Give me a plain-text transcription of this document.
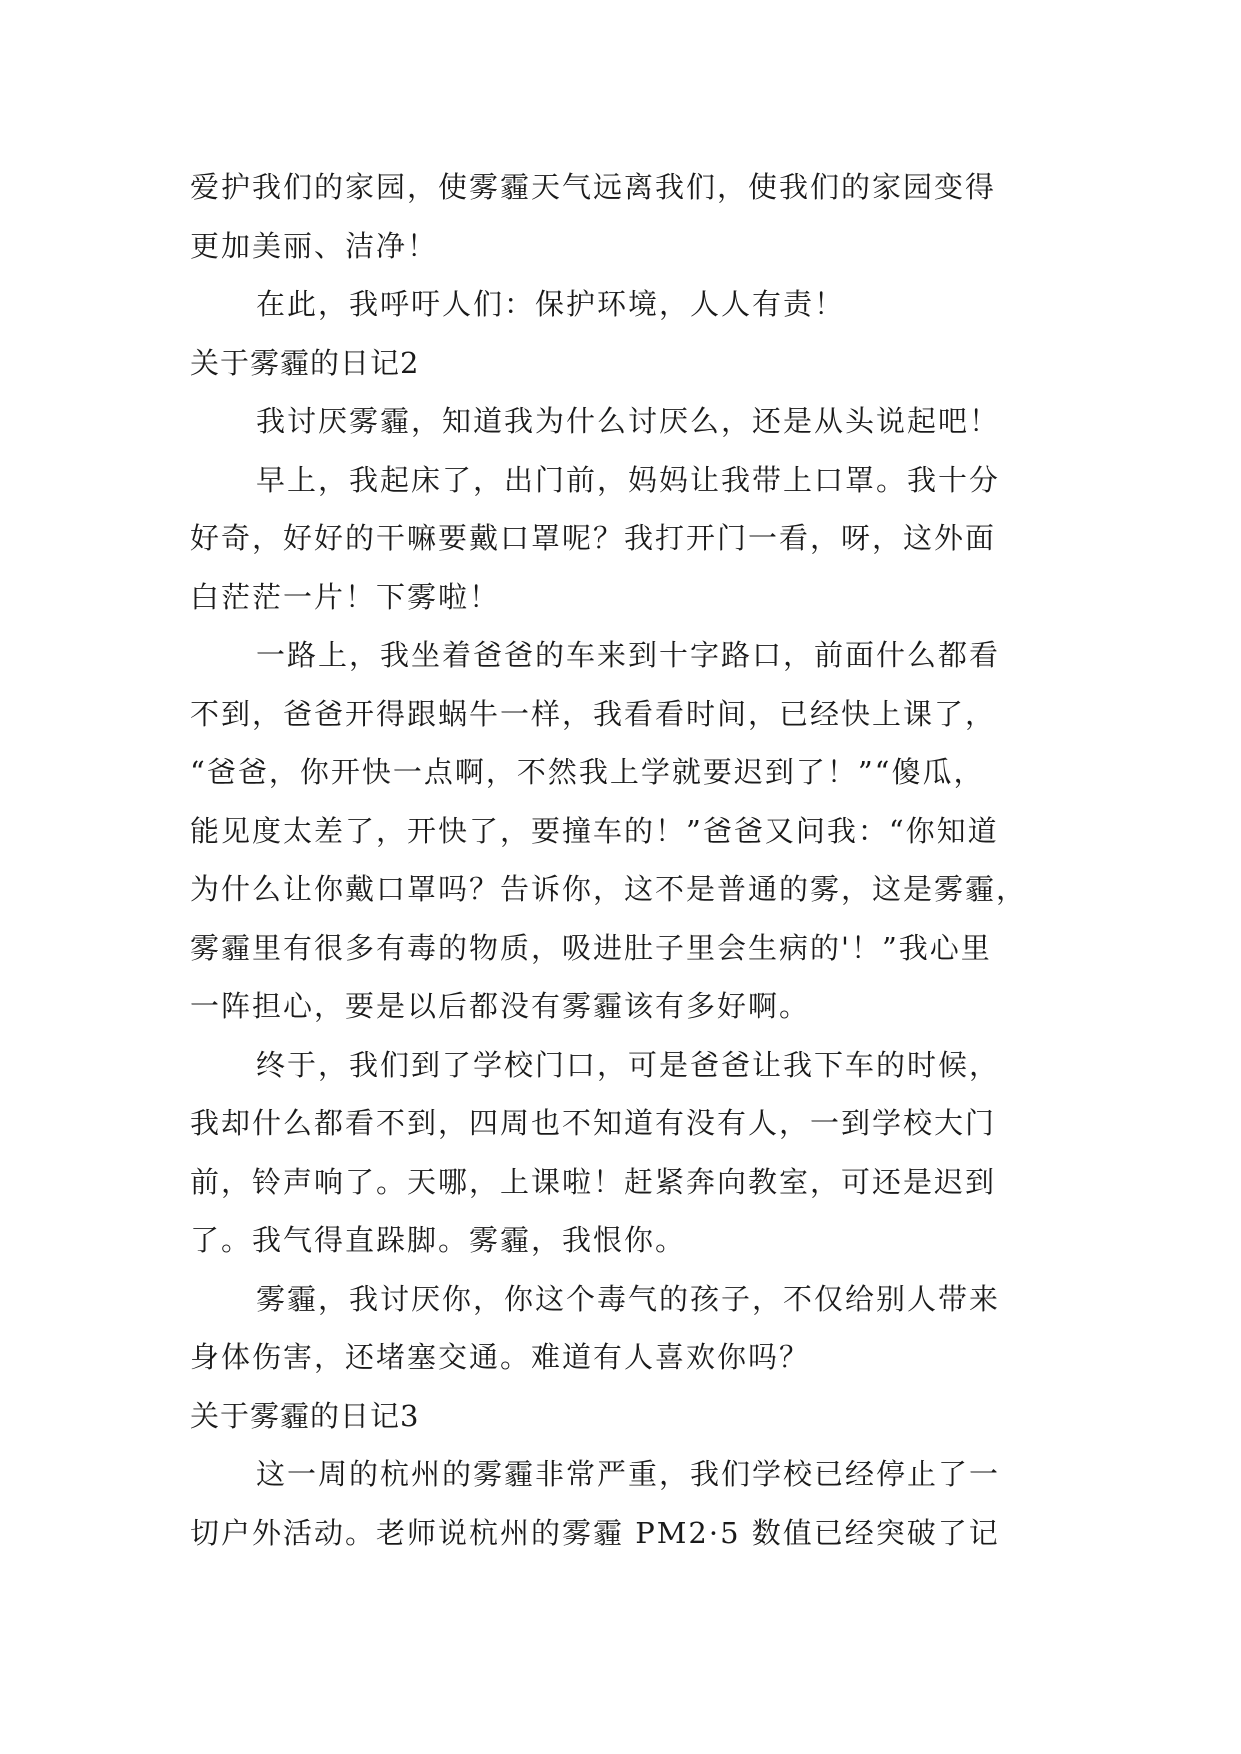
爱护我们的家园，使雾霾天气远离我们，使我们的家园变得
更加美丽、洁净！
在此，我呼吁人们：保护环境，人人有责！
关于雾霾的日记2
我讨厌雾霾，知道我为什么讨厌么，还是从头说起吧！
早上，我起床了，出门前，妈妈让我带上口罩。我十分
好奇，好好的干嘛要戴口罩呢？我打开门一看，呀，这外面
白茫茫一片！下雾啦！
一路上，我坐着爸爸的车来到十字路口，前面什么都看
不到，爸爸开得跟蜗牛一样，我看看时间，已经快上课了，
“爸爸，你开快一点啊，不然我上学就要迟到了！”“傻瓜，
能见度太差了，开快了，要撞车的！”爸爸又问我：“你知道
为什么让你戴口罩吗？告诉你，这不是普通的雾，这是雾霾，
雾霾里有很多有毒的物质，吸进肚子里会生病的'！”我心里
一阵担心，要是以后都没有雾霾该有多好啊。
终于，我们到了学校门口，可是爸爸让我下车的时候，
我却什么都看不到，四周也不知道有没有人，一到学校大门
前，铃声响了。天哪，上课啦！赶紧奔向教室，可还是迟到
了。我气得直跺脚。雾霾，我恨你。
雾霾，我讨厌你，你这个毒气的孩子，不仅给别人带来
身体伤害，还堵塞交通。难道有人喜欢你吗？
关于雾霾的日记3
这一周的杭州的雾霾非常严重，我们学校已经停止了一
切户外活动。老师说杭州的雾霾 PM2·5 数值已经突破了记
